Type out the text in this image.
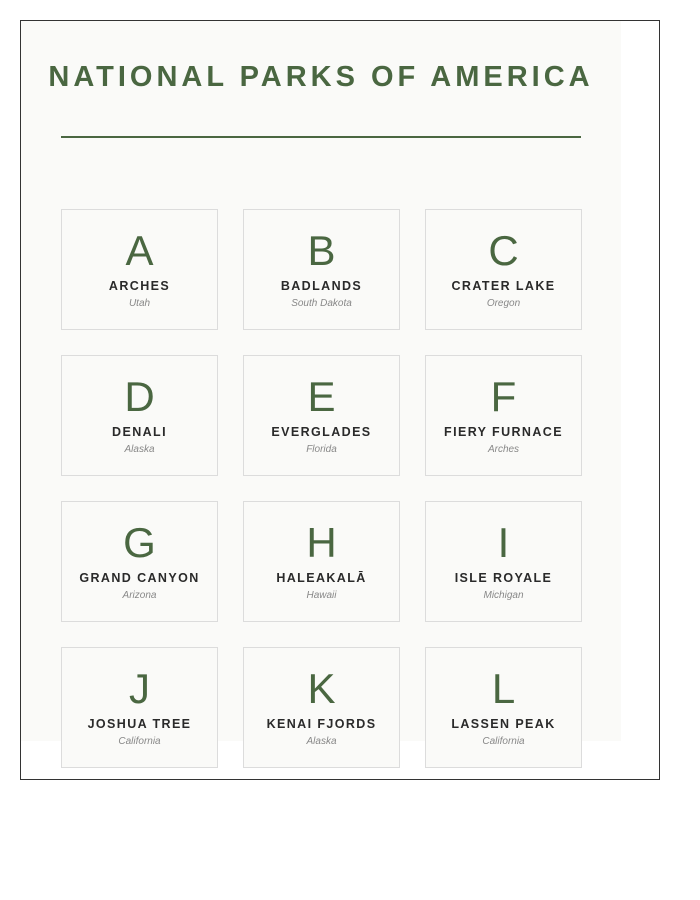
NATIONAL PARKS OF AMERICA
A
ARCHES
Utah
B
BADLANDS
South Dakota
C
CRATER LAKE
Oregon
D
DENALI
Alaska
E
EVERGLADES
Florida
F
FIERY FURNACE
Arches
G
GRAND CANYON
Arizona
H
HALEAKALĀ
Hawaii
I
ISLE ROYALE
Michigan
J
JOSHUA TREE
California
K
KENAI FJORDS
Alaska
L
LASSEN PEAK
California
